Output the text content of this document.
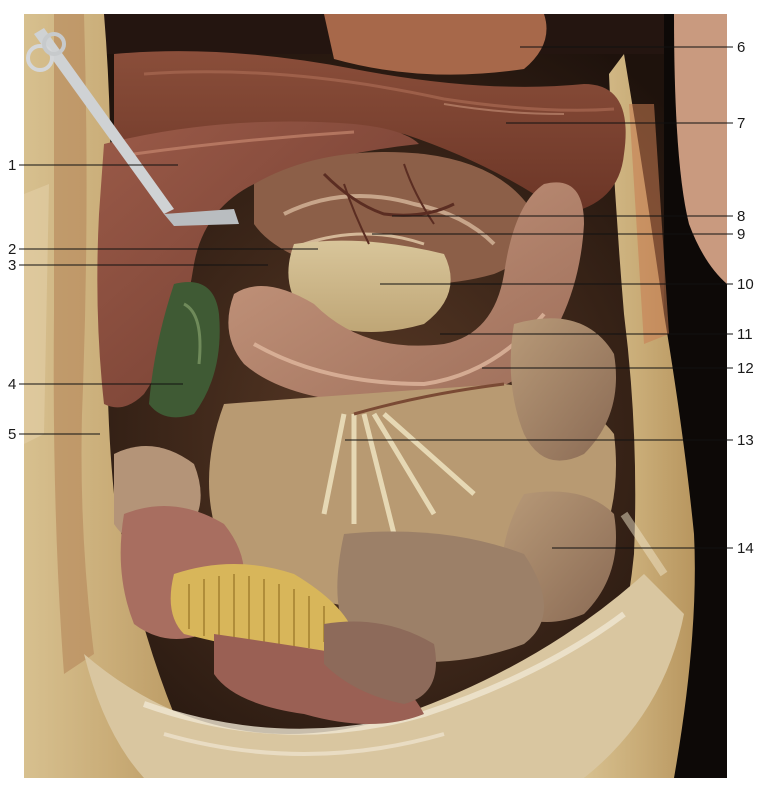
1
2
3
4
5
6
7
8
9
10
11
12
13
14
